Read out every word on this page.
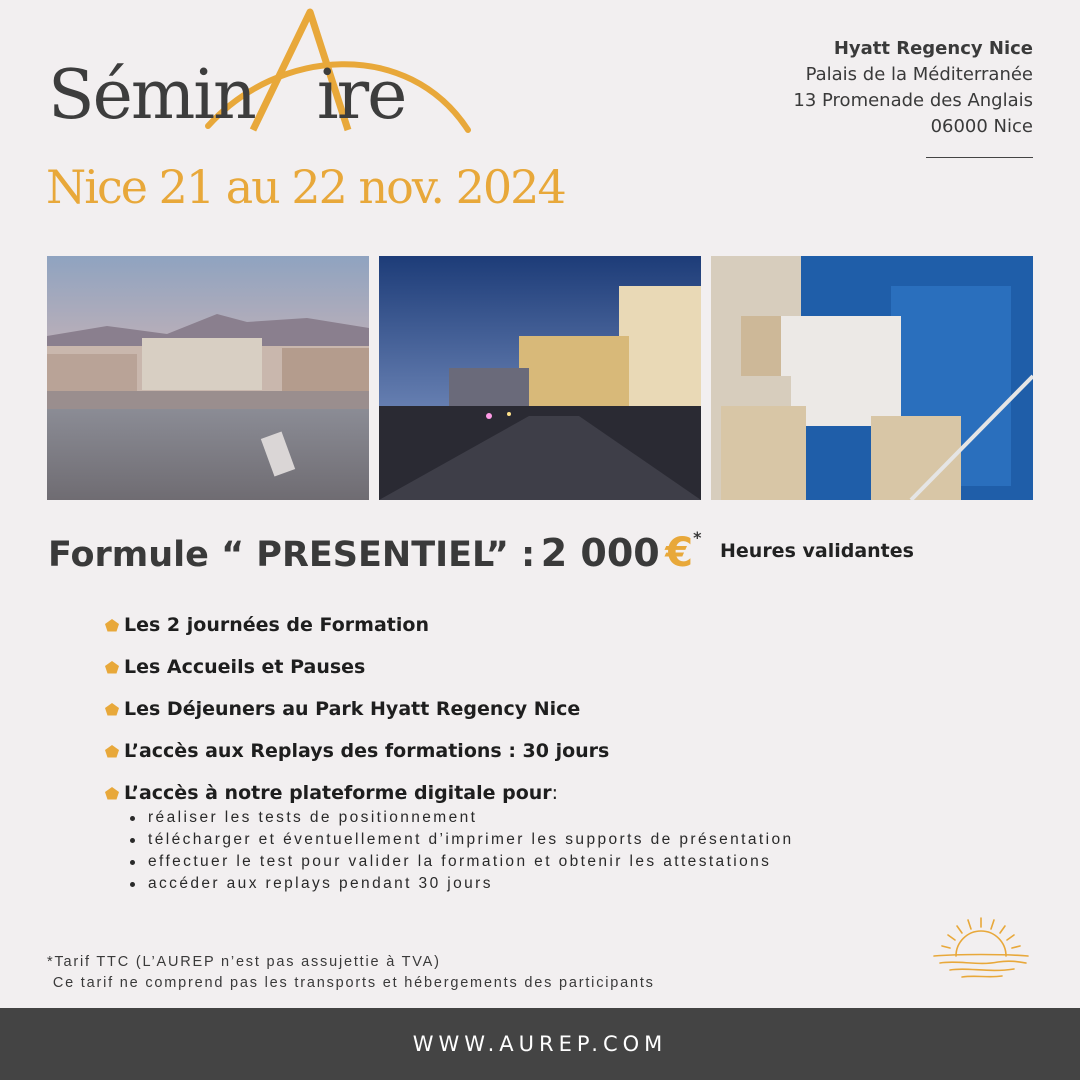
Sémin ire
Nice 21 au 22 nov. 2024
Hyatt Regency Nice
Palais de la Méditerranée
13 Promenade des Anglais
06000 Nice
Formule “ PRESENTIEL” : 2 000 €*
Heures validantes
Les 2 journées de Formation
Les Accueils et Pauses
Les Déjeuners au Park Hyatt Regency Nice
L’accès aux Replays des formations : 30 jours
L’accès à notre plateforme digitale pour :
réaliser les tests de positionnement
télécharger et éventuellement d’imprimer les supports de présentation
effectuer le test pour valider la formation et obtenir les attestations
accéder aux replays pendant 30 jours
*Tarif TTC (L’AUREP n’est pas assujettie à TVA)
Ce tarif ne comprend pas les transports et hébergements des participants
WWW.AUREP.COM
